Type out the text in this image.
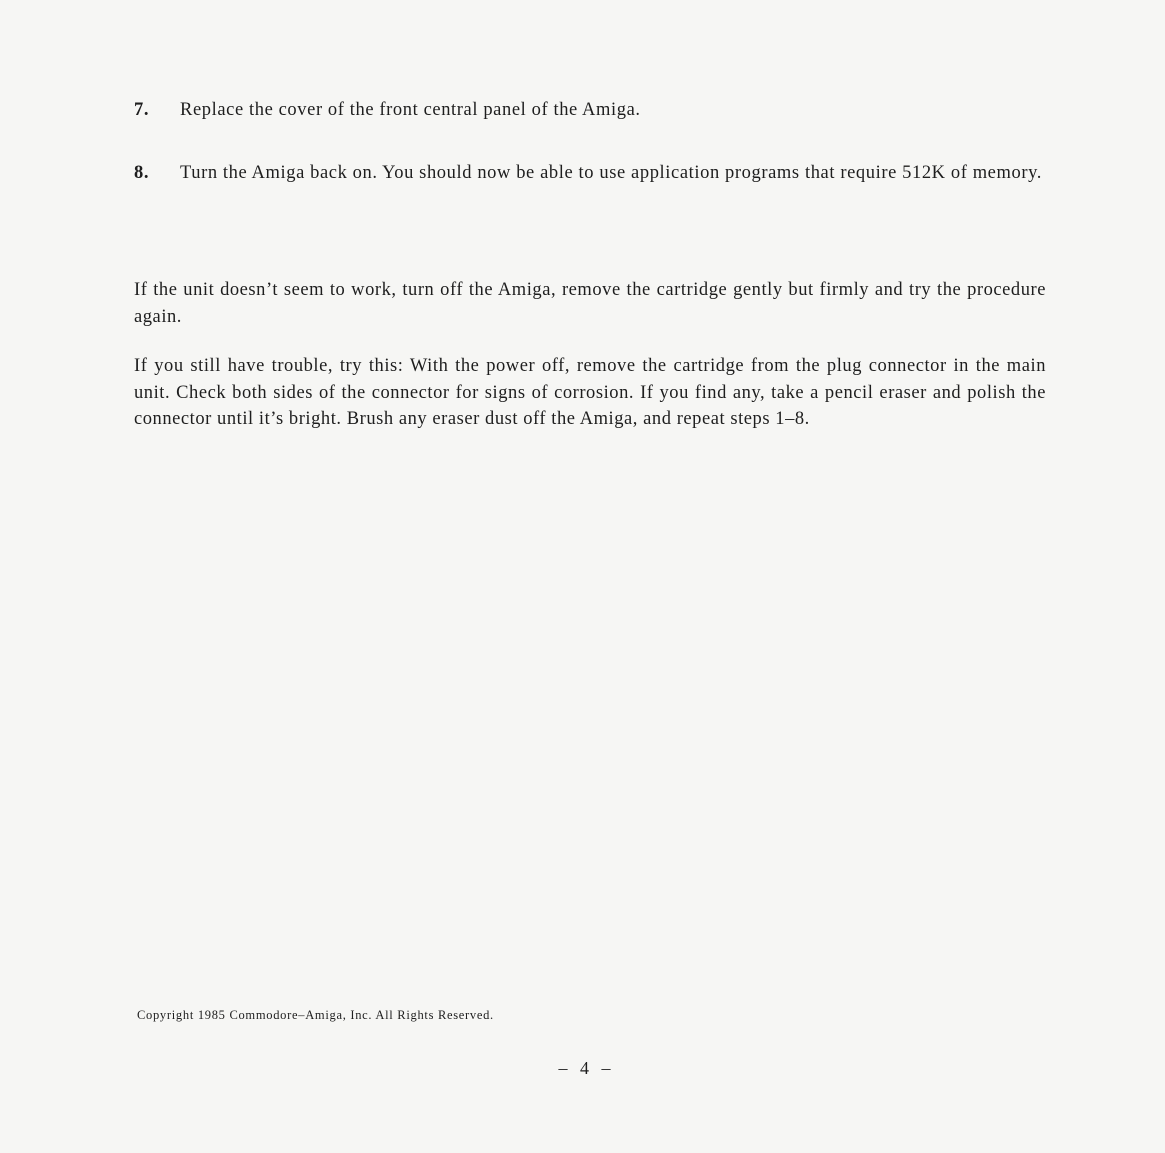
7. Replace the cover of the front central panel of the Amiga.
8. Turn the Amiga back on. You should now be able to use application programs that require 512K of memory.

If the unit doesn’t seem to work, turn off the Amiga, remove the cartridge gently but firmly and try the procedure again.

If you still have trouble, try this: With the power off, remove the cartridge from the plug connector in the main unit. Check both sides of the connector for signs of corrosion. If you find any, take a pencil eraser and polish the connector until it’s bright. Brush any eraser dust off the Amiga, and repeat steps 1–8.

Copyright 1985 Commodore–Amiga, Inc. All Rights Reserved.

– 4 –
